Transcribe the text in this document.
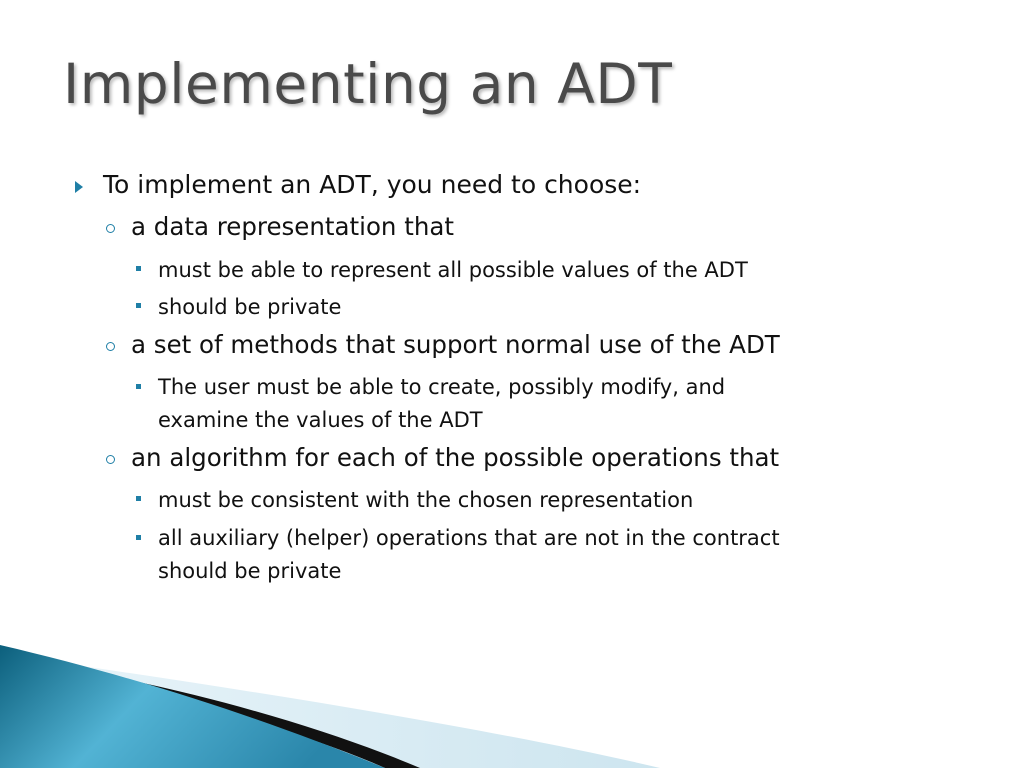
Implementing an ADT
To implement an ADT, you need to choose:
a data representation that
must be able to represent all possible values of the ADT
should be private
a set of methods that support normal use of the ADT
The user must be able to create, possibly modify, and
examine the values of the ADT
an algorithm for each of the possible operations that
must be consistent with the chosen representation
all auxiliary (helper) operations that are not in the contract
should be private
